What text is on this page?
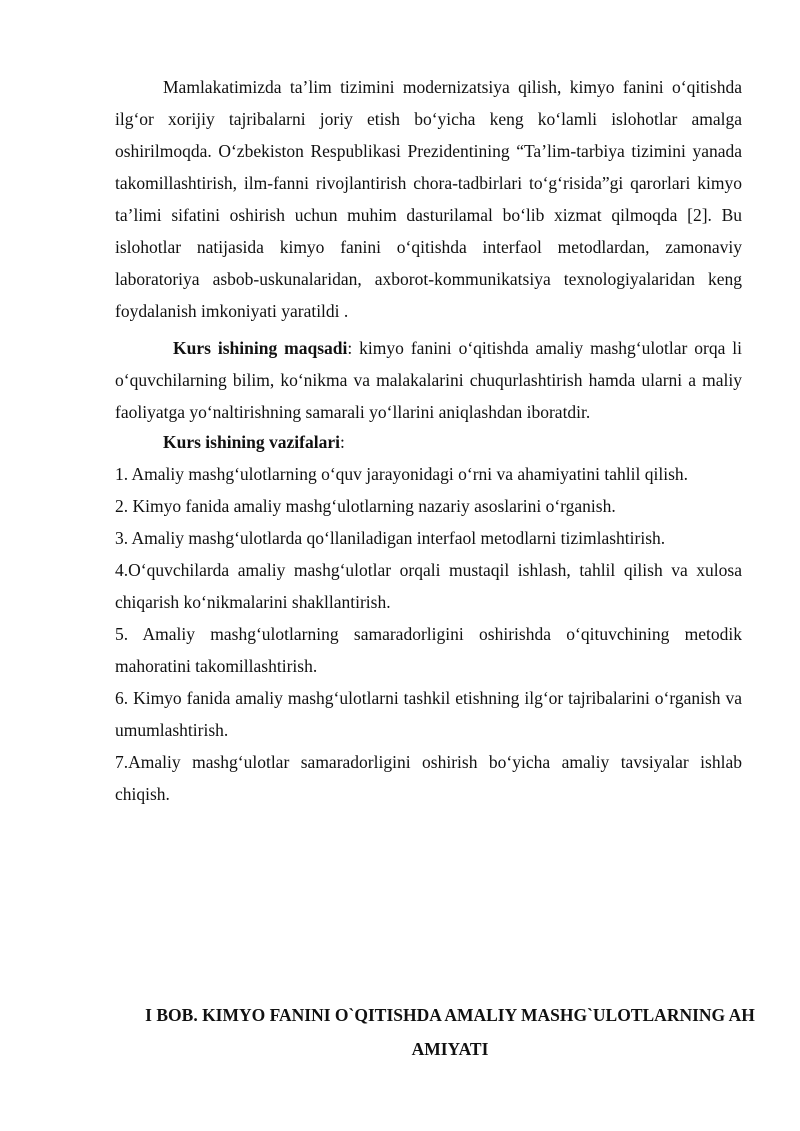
Mamlakatimizda ta’lim tizimini modernizatsiya qilish, kimyo fanini o‘qitishda ilg‘or xorijiy tajribalarni joriy etish bo‘yicha keng ko‘lamli islohotlar amalga oshirilmoqda. O‘zbekiston Respublikasi Prezidentining “Ta’lim-tarbiya tizimini yanada takomillashtirish, ilm-fanni rivojlantirish chora-tadbirlari to‘g‘risida”gi qarorlari kimyo ta’limi sifatini oshirish uchun muhim dasturilamal bo‘lib xizmat qilmoqda [2]. Bu islohotlar natijasida kimyo fanini o‘qitishda interfaol metodlardan, zamonaviy laboratoriya asbob-uskunalaridan, axborot-kommunikatsiya texnologiyalaridan keng foydalanish imkoniyati yaratildi .
Kurs ishining maqsadi: kimyo fanini o‘qitishda amaliy mashg‘ulotlar orqa li o‘quvchilarning bilim, ko‘nikma va malakalarini chuqurlashtirish hamda ularni a maliy faoliyatga yo‘naltirishning samarali yo‘llarini aniqlashdan iboratdir.
Kurs ishining vazifalari:

1. Amaliy mashg‘ulotlarning o‘quv jarayonidagi o‘rni va ahamiyatini tahlil qilish.

2. Kimyo fanida amaliy mashg‘ulotlarning nazariy asoslarini o‘rganish.

3. Amaliy mashg‘ulotlarda qo‘llaniladigan interfaol metodlarni tizimlashtirish.

4.O‘quvchilarda amaliy mashg‘ulotlar orqali mustaqil ishlash, tahlil qilish va xulosa chiqarish ko‘nikmalarini shakllantirish.

5. Amaliy mashg‘ulotlarning samaradorligini oshirishda o‘qituvchining metodik mahoratini takomillashtirish.

6. Kimyo fanida amaliy mashg‘ulotlarni tashkil etishning ilg‘or tajribalarini o‘rganish va umumlashtirish.

7.Amaliy mashg‘ulotlar samaradorligini oshirish bo‘yicha amaliy tavsiyalar ishlab chiqish.

I BOB. KIMYO FANINI O`QITISHDA AMALIY MASHG`ULOTLARNING AH AMIYATI
